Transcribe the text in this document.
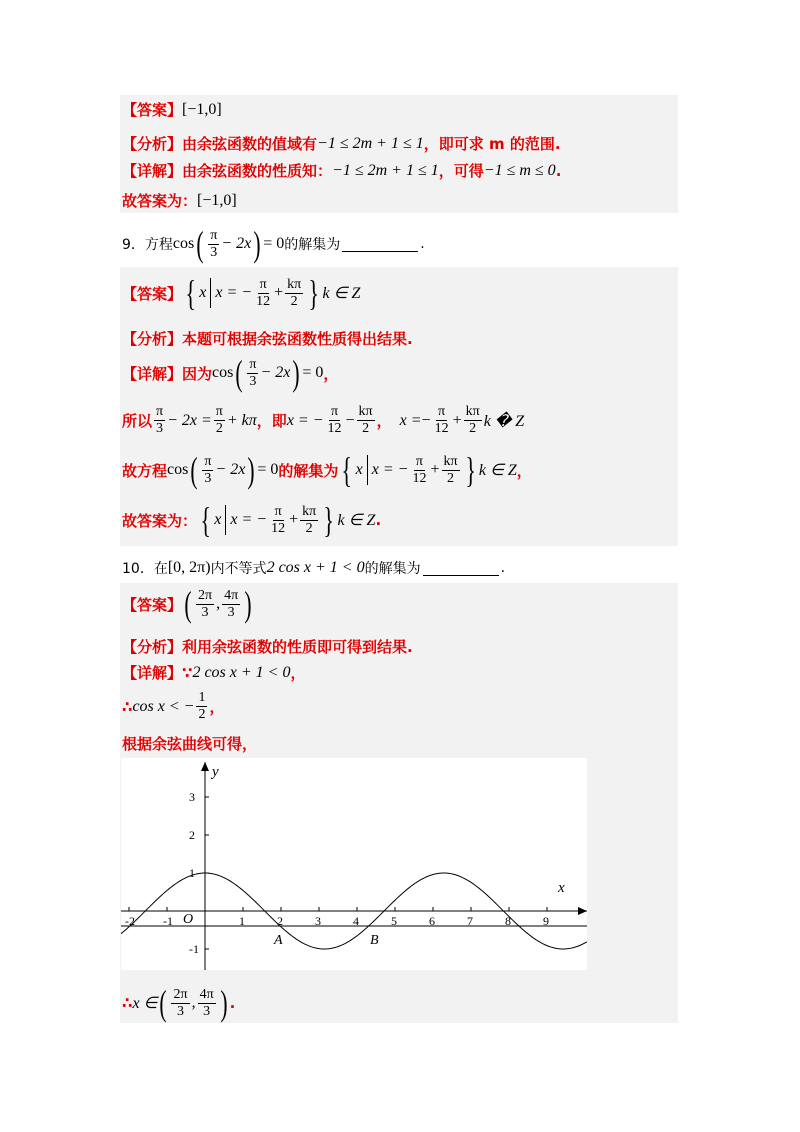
【答案】 [−1,0]
【分析】 由余弦函数的值域有 −1 ≤ 2m + 1 ≤ 1 ，即可求 m 的范围.
【详解】 由余弦函数的性质知： −1 ≤ 2m + 1 ≤ 1 ，可得 −1 ≤ m ≤ 0 .
故答案为： [−1,0]
9．方程 cos ( $\frac{\pi}{3} - 2x$ ) = 0 的解集为	.
【答案】 { x x = − $\frac{\pi}{12} + \frac{k\pi}{2}$ } k ∈ Z
【分析】 本题可根据余弦函数性质得出结果.
【详解】 因为 cos ( $\frac{\pi}{3} - 2x$ ) = 0 ，
所以 $\frac{\pi}{3} - 2x = \frac{\pi}{2} + k\pi$ ，即 x = − $\frac{\pi}{12} - \frac{k\pi}{2}$ ， x = − $\frac{\pi}{12} + \frac{k\pi}{2}$ k � Z
故方程 cos ( $\frac{\pi}{3} - 2x$ ) = 0 的解集为 { x x = − $\frac{\pi}{12} + \frac{k\pi}{2}$ } k ∈ Z ，
故答案为： { x x = − $\frac{\pi}{12} + \frac{k\pi}{2}$ } k ∈ Z .
10．在 [0, 2π) 内不等式 2 cos x + 1 < 0 的解集为	.
【答案】 ( $\frac{2\pi}{3}$ , $\frac{4\pi}{3}$ )
【分析】 利用余弦函数的性质即可得到结果.
【详解】 ∵ 2 cos x + 1 < 0 ，
∴ cos x < − $\frac{1}{2}$ ，
根据余弦曲线可得，
-2 -1	1	2	3	4	5	6	7	8	9
3
2
1
-1
y
x
O
A	B
∴ x ∈ ( $\frac{2\pi}{3}$ , $\frac{4\pi}{3}$ ) .
